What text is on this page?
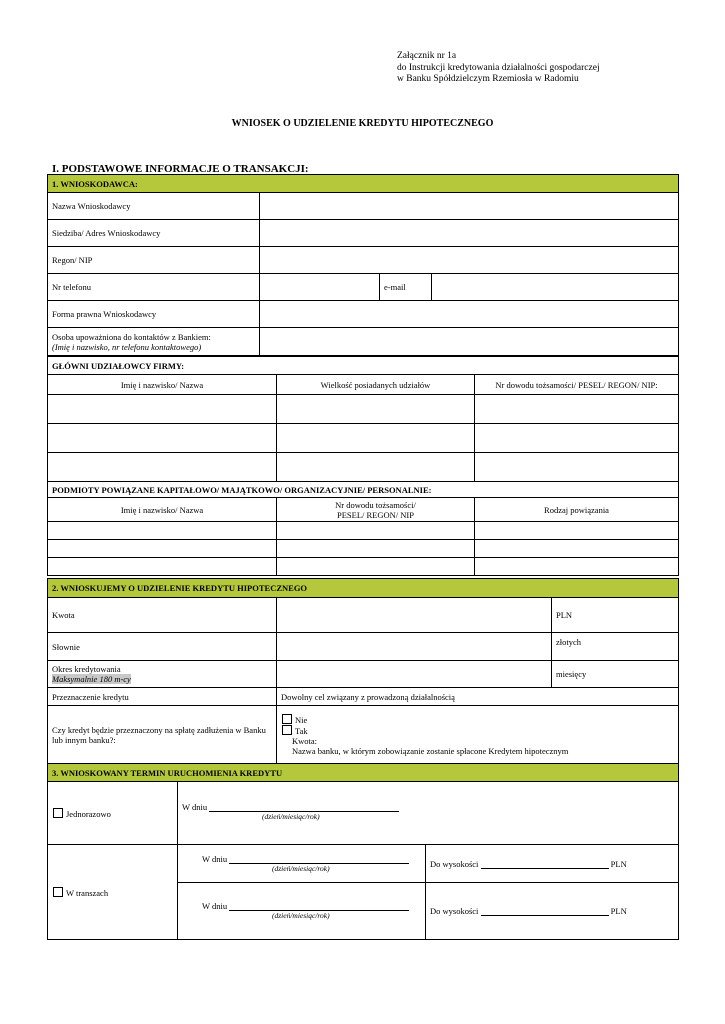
Załącznik nr 1a
do Instrukcji kredytowania działalności gospodarczej
w Banku Spółdzielczym Rzemiosła w Radomiu
WNIOSEK O UDZIELENIE KREDYTU HIPOTECZNEGO
I. PODSTAWOWE INFORMACJE O TRANSAKCJI:
1. WNIOSKODAWCA:			
Nazwa Wnioskodawcy			
Siedziba/ Adres Wnioskodawcy			
Regon/ NIP			
Nr telefonu		e-mail	
Forma prawna Wnioskodawcy			

Osoba upoważniona do kontaktów z Bankiem:
(Imię i nazwisko, nr telefonu kontaktowego)			

GŁÓWNI UDZIAŁOWCY FIRMY:		
Imię i nazwisko/ Nazwa	Wielkość posiadanych udziałów	Nr dowodu tożsamości/ PESEL/ REGON/ NIP:

PODMIOTY POWIĄZANE KAPITAŁOWO/ MAJĄTKOWO/ ORGANIZACYJNIE/ PERSONALNIE:		
Imię i nazwisko/ Nazwa	Nr dowodu tożsamości/
PESEL/ REGON/ NIP	Rodzaj powiązania

2. WNIOSKUJEMY O UDZIELENIE KREDYTU HIPOTECZNEGO		
Kwota		PLN
Słownie		złotych

Okres kredytowania
Maksymalnie 180 m-cy		miesięcy
Przeznaczenie kredytu	Dowolny cel związany z prowadzoną działalnością	
Czy kredyt będzie przeznaczony na spłatę zadłużenia w Banku lub innym banku?:	Nie
Tak
Kwota:
Nazwa banku, w którym zobowiązanie zostanie spłacone Kredytem hipotecznym	
3. WNIOSKOWANY TERMIN URUCHOMIENIA KREDYTU		
Jednorazowo	W dniu
(dzień/miesiąc/rok)	

W transzach	W dniu
(dzień/miesiąc/rok)	Do wysokości PLN
	W dniu
(dzień/miesiąc/rok)	Do wysokości PLN
